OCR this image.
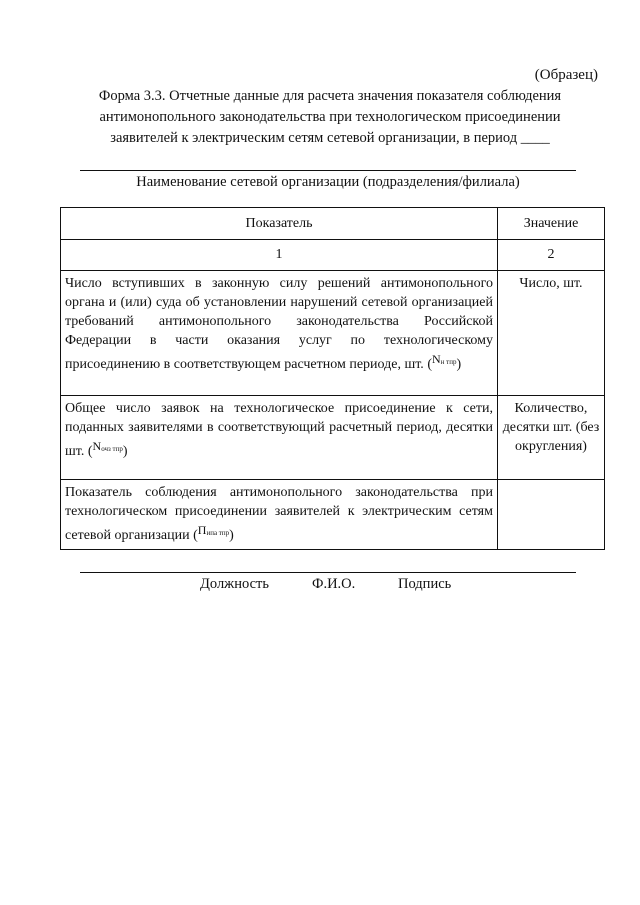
(Образец)
Форма 3.3. Отчетные данные для расчета значения показателя соблюдения
антимонопольного законодательства при технологическом присоединении
заявителей к электрическим сетям сетевой организации, в период ____
Наименование сетевой организации (подразделения/филиала)
Показатель	Значение
1	2
Число вступивших в законную силу решений антимонопольного органа и (или) суда об установлении нарушений сетевой организацией требований антимонопольного законодательства Российской Федерации в части оказания услуг по технологическому присоединению в соответствующем расчетном периоде, шт. ($^N_{н тпр}$)	Число, шт.
Общее число заявок на технологическое присоединение к сети, поданных заявителями в соответствующий расчетный период, десятки шт. ($^N_{очз тпр}$)	Количество, десятки шт. (без округления)
Показатель соблюдения антимонопольного законодательства при технологическом присоединении заявителей к электрическим сетям сетевой организации ($^П_{ипа тпр}$)	
Должность	Ф.И.О.	Подпись
